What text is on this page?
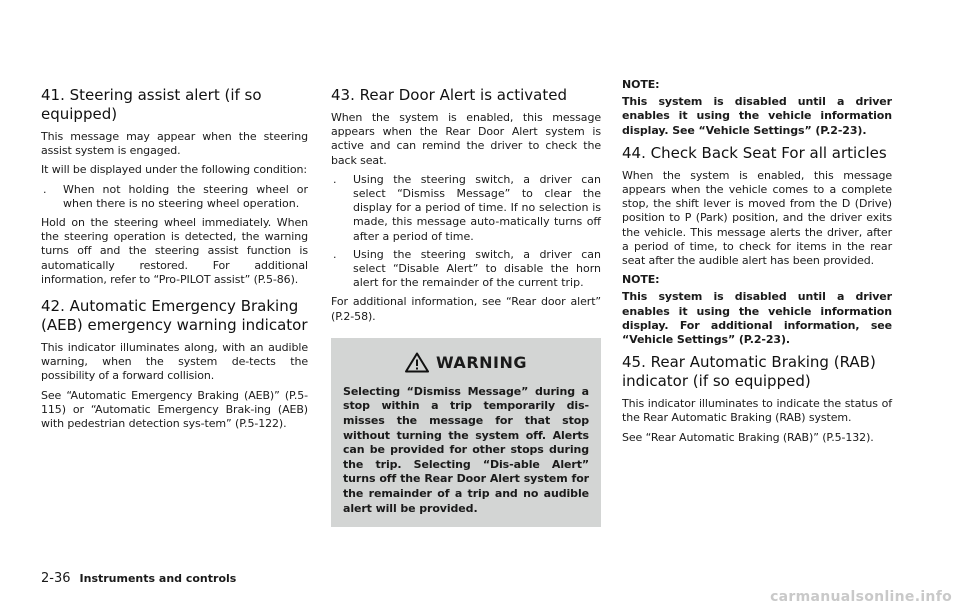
41. Steering assist alert (if so equipped)

This message may appear when the steering assist system is engaged.

It will be displayed under the following condition:

. When not holding the steering wheel or when there is no steering wheel operation.

Hold on the steering wheel immediately. When the steering operation is detected, the warning turns off and the steering assist function is automatically restored. For additional information, refer to “Pro-PILOT assist” (P.5-86).

42. Automatic Emergency Braking (AEB) emergency warning indicator

This indicator illuminates along, with an audible warning, when the system de-tects the possibility of a forward collision.

See “Automatic Emergency Braking (AEB)” (P.5-115) or “Automatic Emergency Brak-ing (AEB) with pedestrian detection sys-tem” (P.5-122).

43. Rear Door Alert is activated

When the system is enabled, this message appears when the Rear Door Alert system is active and can remind the driver to check the back seat.

. Using the steering switch, a driver can select “Dismiss Message” to clear the display for a period of time. If no selection is made, this message auto-matically turns off after a period of time.
. Using the steering switch, a driver can select “Disable Alert” to disable the horn alert for the remainder of the current trip.

For additional information, see “Rear door alert” (P.2-58).

WARNING

Selecting “Dismiss Message” during a stop within a trip temporarily dis-misses the message for that stop without turning the system off. Alerts can be provided for other stops during the trip. Selecting “Dis-able Alert” turns off the Rear Door Alert system for the remainder of a trip and no audible alert will be provided.

NOTE:

This system is disabled until a driver enables it using the vehicle information display. See “Vehicle Settings” (P.2-23).

44. Check Back Seat For all articles

When the system is enabled, this message appears when the vehicle comes to a complete stop, the shift lever is moved from the D (Drive) position to P (Park) position, and the driver exits the vehicle. This message alerts the driver, after a period of time, to check for items in the rear seat after the audible alert has been provided.

NOTE:

This system is disabled until a driver enables it using the vehicle information display. For additional information, see “Vehicle Settings” (P.2-23).

45. Rear Automatic Braking (RAB) indicator (if so equipped)

This indicator illuminates to indicate the status of the Rear Automatic Braking (RAB) system.

See “Rear Automatic Braking (RAB)” (P.5-132).

2-36 Instruments and controls
carmanualsonline.info
